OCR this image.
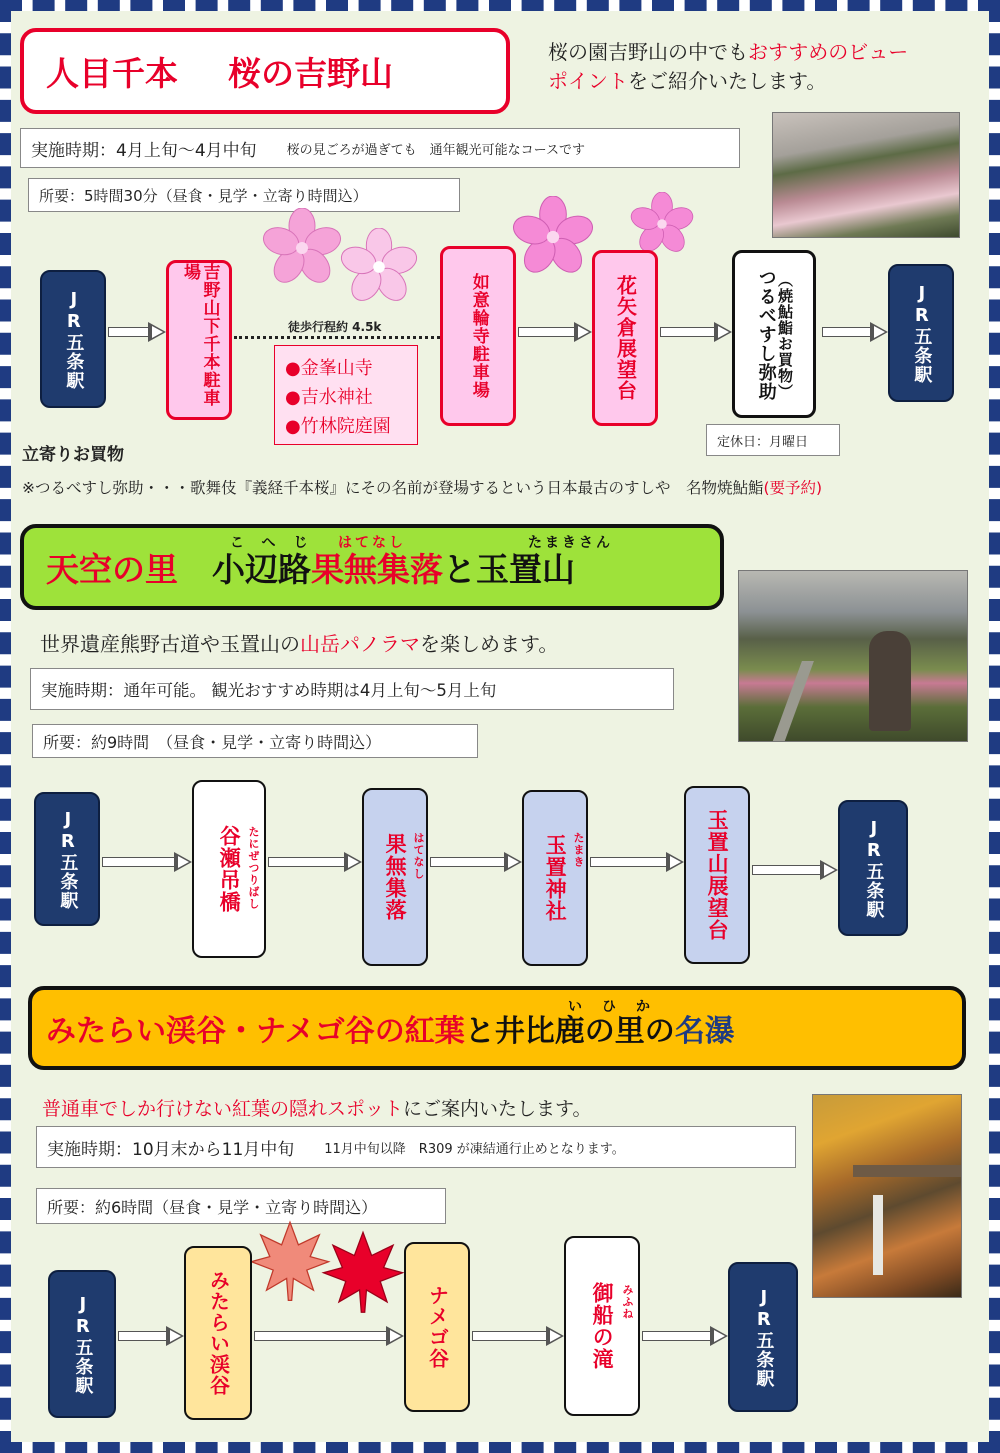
人目千本 桜の吉野山
桜の園吉野山の中でもおすすめのビュー
ポイントをご紹介いたします。
実施時期：4月上旬～4月中旬 桜の見ごろが過ぎても　通年観光可能なコースです
所要：5時間30分（昼食・見学・立寄り時間込）
JR五条駅	吉野山下千本駐車場
徒歩行程約 4.5k
●金峯山寺
●吉水神社
●竹林院庭園
如意輪寺駐車場	花矢倉展望台	つるべすし弥助 （焼鮎鮨お買物）
定休日：月曜日
JR五条駅
立寄りお買物
※つるべすし弥助・・・歌舞伎『義経千本桜』にその名前が登場するという日本最古のすしや　名物焼鮎鮨(要予約)
天空の里 小辺路 果無集落 と玉置山
こへじ はてなし	たまきさん
世界遺産熊野古道や玉置山の山岳パノラマを楽しめます。
実施時期：通年可能。 観光おすすめ時期は4月上旬～5月上旬
所要：約9時間　（昼食・見学・立寄り時間込）
JR五条駅	谷瀬吊橋 たにぜつりばし	果無集落 はてなし	玉置神社 たまき	玉置山展望台	JR五条駅
みたらい渓谷・ナメゴ谷の紅葉 と 井比鹿の里の 名瀑
いひか
普通車でしか行けない紅葉の隠れスポットにご案内いたします。
実施時期：10月末から11月中旬 11月中旬以降　R309 が凍結通行止めとなります。
所要：約6時間（昼食・見学・立寄り時間込）
JR五条駅	みたらい渓谷	ナメゴ谷	御船の滝 みふね	JR五条駅
